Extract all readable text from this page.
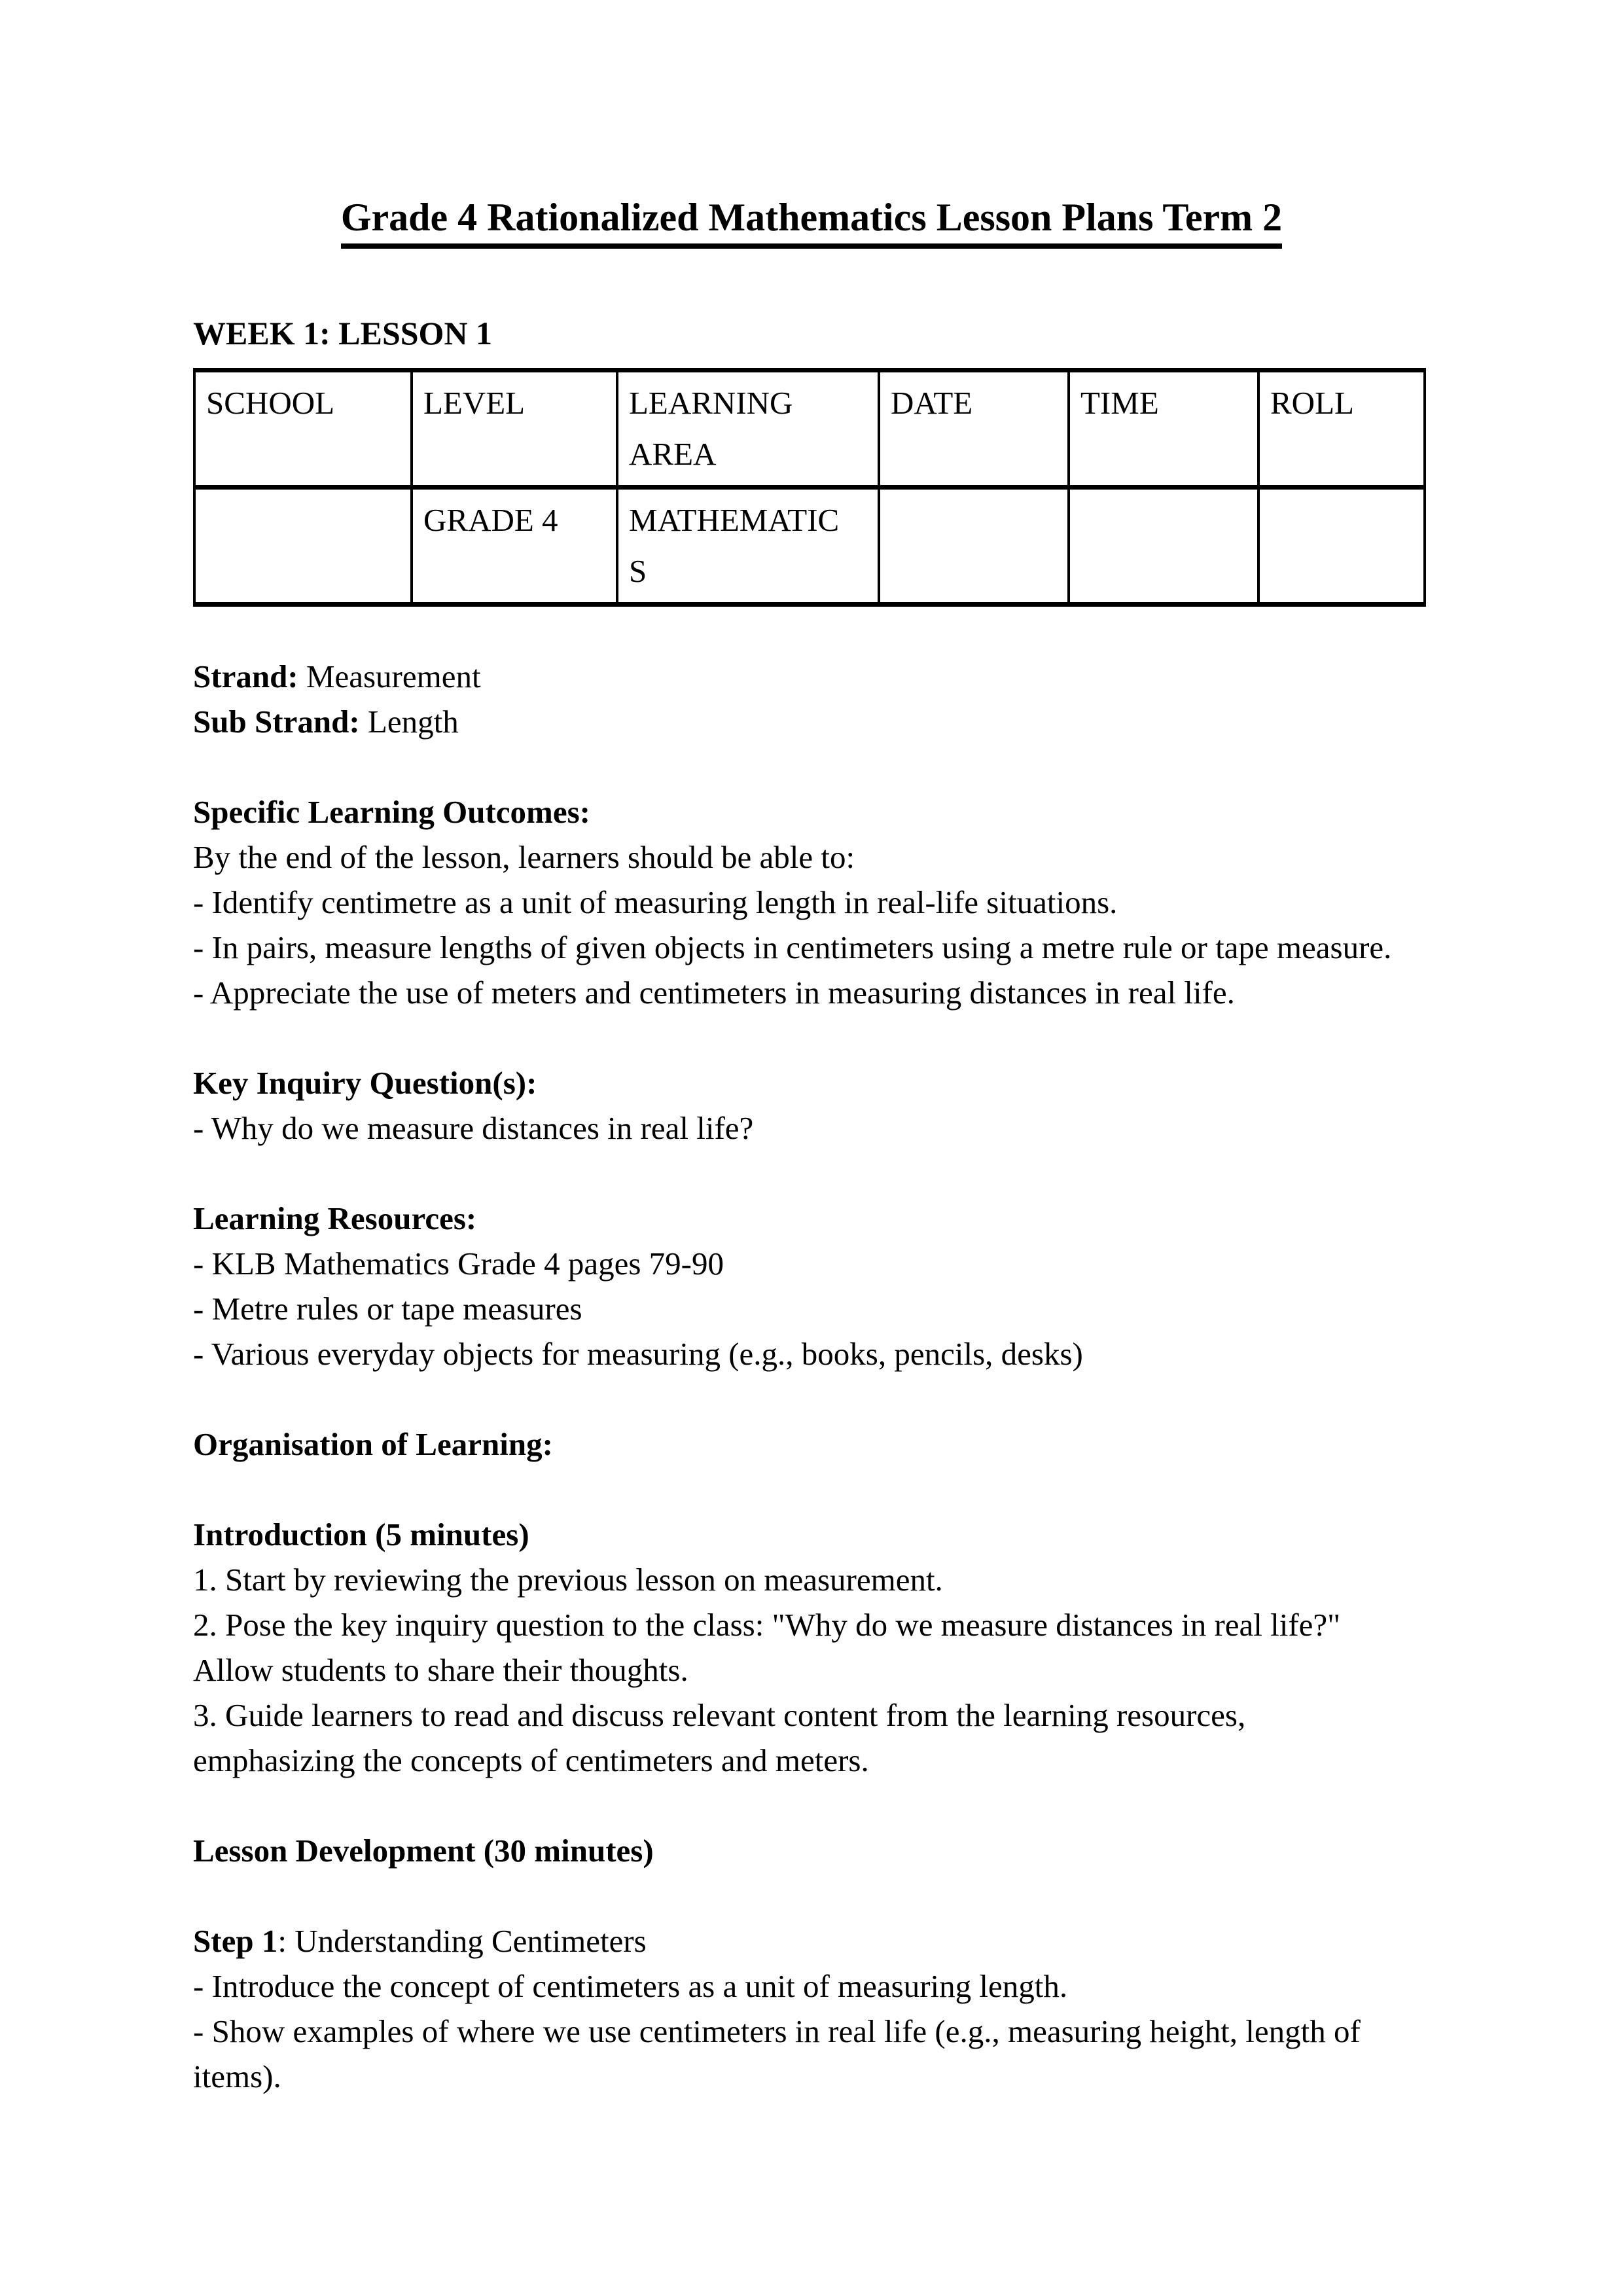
Grade 4 Rationalized Mathematics Lesson Plans Term 2
WEEK 1: LESSON 1
SCHOOL	LEVEL	LEARNING AREA	DATE	TIME	ROLL
	GRADE 4	MATHEMATICS			
Strand: Measurement
Sub Strand: Length
Specific Learning Outcomes:
By the end of the lesson, learners should be able to:
- Identify centimetre as a unit of measuring length in real-life situations.
- In pairs, measure lengths of given objects in centimeters using a metre rule or tape measure.
- Appreciate the use of meters and centimeters in measuring distances in real life.
Key Inquiry Question(s):
- Why do we measure distances in real life?
Learning Resources:
- KLB Mathematics Grade 4 pages 79-90
- Metre rules or tape measures
- Various everyday objects for measuring (e.g., books, pencils, desks)
Organisation of Learning:
Introduction (5 minutes)
1. Start by reviewing the previous lesson on measurement.
2. Pose the key inquiry question to the class: "Why do we measure distances in real life?"
Allow students to share their thoughts.
3. Guide learners to read and discuss relevant content from the learning resources,
emphasizing the concepts of centimeters and meters.
Lesson Development (30 minutes)
Step 1: Understanding Centimeters
- Introduce the concept of centimeters as a unit of measuring length.
- Show examples of where we use centimeters in real life (e.g., measuring height, length of
items).
